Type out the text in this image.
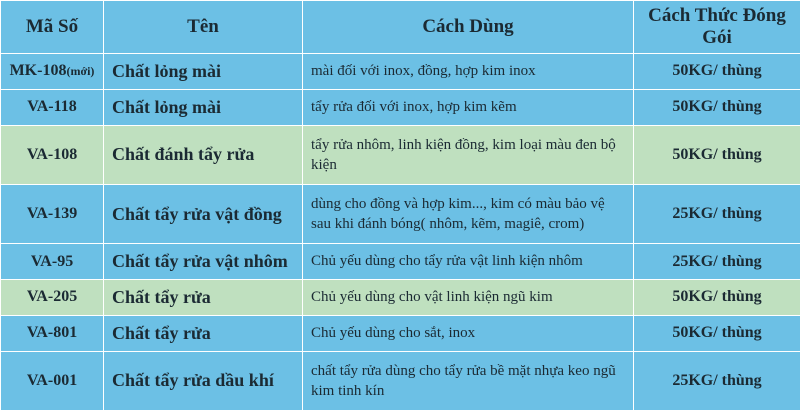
Mã Số	Tên	Cách Dùng	Cách Thức Đóng Gói
MK-108(mới)	Chất lỏng mài	mài đối với inox, đồng, hợp kim inox	50KG/ thùng
VA-118	Chất lỏng mài	tẩy rửa đối với inox, hợp kim kẽm	50KG/ thùng
VA-108	Chất đánh tẩy rửa	tẩy rửa nhôm, linh kiện đồng, kim loại màu đen bộ kiện	50KG/ thùng
VA-139	Chất tẩy rửa vật đồng	dùng cho đồng và hợp kim..., kim có màu bảo vệ sau khi đánh bóng( nhôm, kẽm, magiê, crom)	25KG/ thùng
VA-95	Chất tẩy rửa vật nhôm	Chủ yếu dùng cho tẩy rửa vật linh kiện nhôm	25KG/ thùng
VA-205	Chất tẩy rửa	Chủ yếu dùng cho vật linh kiện ngũ kim	50KG/ thùng
VA-801	Chất tẩy rửa	Chủ yếu dùng cho sắt, inox	50KG/ thùng
VA-001	Chất tẩy rửa dầu khí	chất tẩy rửa dùng cho tẩy rửa bề mặt nhựa keo ngũ kim tinh kín	25KG/ thùng
